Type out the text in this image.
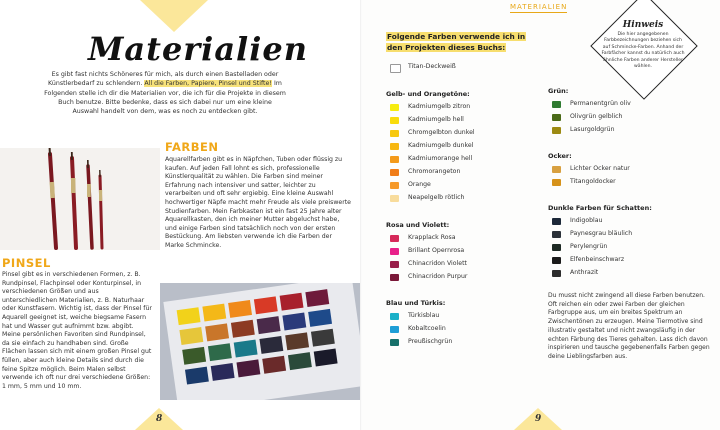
Materialien
Es gibt fast nichts Schöneres für mich, als durch einen Bastelladen oder Künstlerbedarf zu schlendern. All die Farben, Papiere, Pinsel und Stifte! Im Folgenden stelle ich dir die Materialien vor, die ich für die Projekte in diesem Buch benutze. Bitte bedenke, dass es sich dabei nur um eine kleine Auswahl handelt von dem, was es noch zu entdecken gibt.
FARBEN
Aquarellfarben gibt es in Näpfchen, Tuben oder flüssig zu kaufen. Auf jeden Fall lohnt es sich, professionelle Künstlerqualität zu wählen. Die Farben sind meiner Erfahrung nach intensiver und satter, leichter zu verarbeiten und oft sehr ergiebig. Eine kleine Auswahl hochwertiger Näpfe macht mehr Freude als viele preiswerte Studienfarben. Mein Farbkasten ist ein fast 25 Jahre alter Aquarellkasten, den ich meiner Mutter abgeluchst habe, und einige Farben sind tatsächlich noch von der ersten Bestückung. Am liebsten verwende ich die Farben der Marke Schmincke.
PINSEL
Pinsel gibt es in verschiedenen Formen, z. B. Rundpinsel, Flachpinsel oder Konturpinsel, in verschiedenen Größen und aus unterschiedlichen Materialien, z. B. Naturhaar oder Kunstfasern. Wichtig ist, dass der Pinsel für Aquarell geeignet ist, weiche biegsame Fasern hat und Wasser gut aufnimmt bzw. abgibt. Meine persönlichen Favoriten sind Rundpinsel, da sie einfach zu handhaben sind. Große Flächen lassen sich mit einem großen Pinsel gut füllen, aber auch kleine Details sind durch die feine Spitze möglich. Beim Malen selbst verwende ich oft nur drei verschiedene Größen: 1 mm, 5 mm und 10 mm.
8
MATERIALIEN
Folgende Farben verwende ich in
den Projekten dieses Buchs:
Hinweis
Die hier angegebenen Farbbezeichnungen beziehen sich auf Schmincke-Farben. Anhand der Farbfächer kannst du natürlich auch ähnliche Farben anderer Hersteller wählen.
Titan-Deckweiß
Gelb- und Orangetöne:
Kadmiumgelb zitron
Kadmiumgelb hell
Chromgelbton dunkel
Kadmiumgelb dunkel
Kadmiumorange hell
Chromorangeton
Orange
Neapelgelb rötlich
Rosa und Violett:
Krapplack Rosa
Brillant Opernrosa
Chinacridon Violett
Chinacridon Purpur
Blau und Türkis:
Türkisblau
Kobaltcoelin
Preußischgrün
Grün:
Permanentgrün oliv
Olivgrün gelblich
Lasurgoldgrün
Ocker:
Lichter Ocker natur
Titangoldocker
Dunkle Farben für Schatten:
Indigoblau
Paynesgrau bläulich
Perylengrün
Elfenbeinschwarz
Anthrazit
Du musst nicht zwingend all diese Farben benutzen. Oft reichen ein oder zwei Farben der gleichen Farbgruppe aus, um ein breites Spektrum an Zwischentönen zu erzeugen. Meine Tiermotive sind illustrativ gestaltet und nicht zwangsläufig in der echten Färbung des Tieres gehalten. Lass dich davon inspirieren und tausche gegebenenfalls Farben gegen deine Lieblingsfarben aus.
9
